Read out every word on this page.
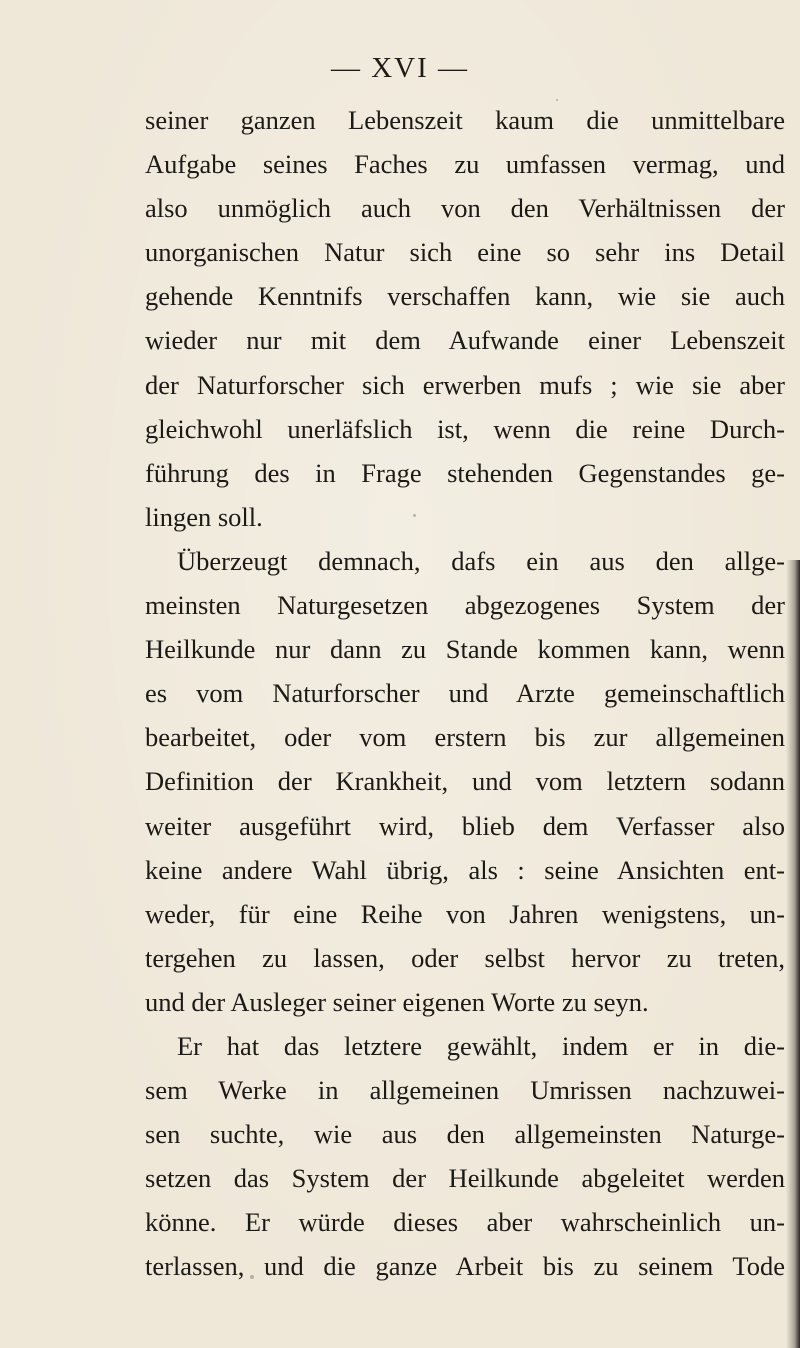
— XVI —
seiner ganzen Lebenszeit kaum die unmittelbare
Aufgabe seines Faches zu umfassen vermag, und
also unmöglich auch von den Verhältnissen der
unorganischen Natur sich eine so sehr ins Detail
gehende Kenntnifs verschaffen kann, wie sie auch
wieder nur mit dem Aufwande einer Lebenszeit
der Naturforscher sich erwerben mufs ; wie sie aber
gleichwohl unerläfslich ist, wenn die reine Durch-
führung des in Frage stehenden Gegenstandes ge-
lingen soll.
Überzeugt demnach, dafs ein aus den allge-
meinsten Naturgesetzen abgezogenes System der
Heilkunde nur dann zu Stande kommen kann, wenn
es vom Naturforscher und Arzte gemeinschaftlich
bearbeitet, oder vom erstern bis zur allgemeinen
Definition der Krankheit, und vom letztern sodann
weiter ausgeführt wird, blieb dem Verfasser also
keine andere Wahl übrig, als : seine Ansichten ent-
weder, für eine Reihe von Jahren wenigstens, un-
tergehen zu lassen, oder selbst hervor zu treten,
und der Ausleger seiner eigenen Worte zu seyn.
Er hat das letztere gewählt, indem er in die-
sem Werke in allgemeinen Umrissen nachzuwei-
sen suchte, wie aus den allgemeinsten Naturge-
setzen das System der Heilkunde abgeleitet werden
könne. Er würde dieses aber wahrscheinlich un-
terlassen, und die ganze Arbeit bis zu seinem Tode
